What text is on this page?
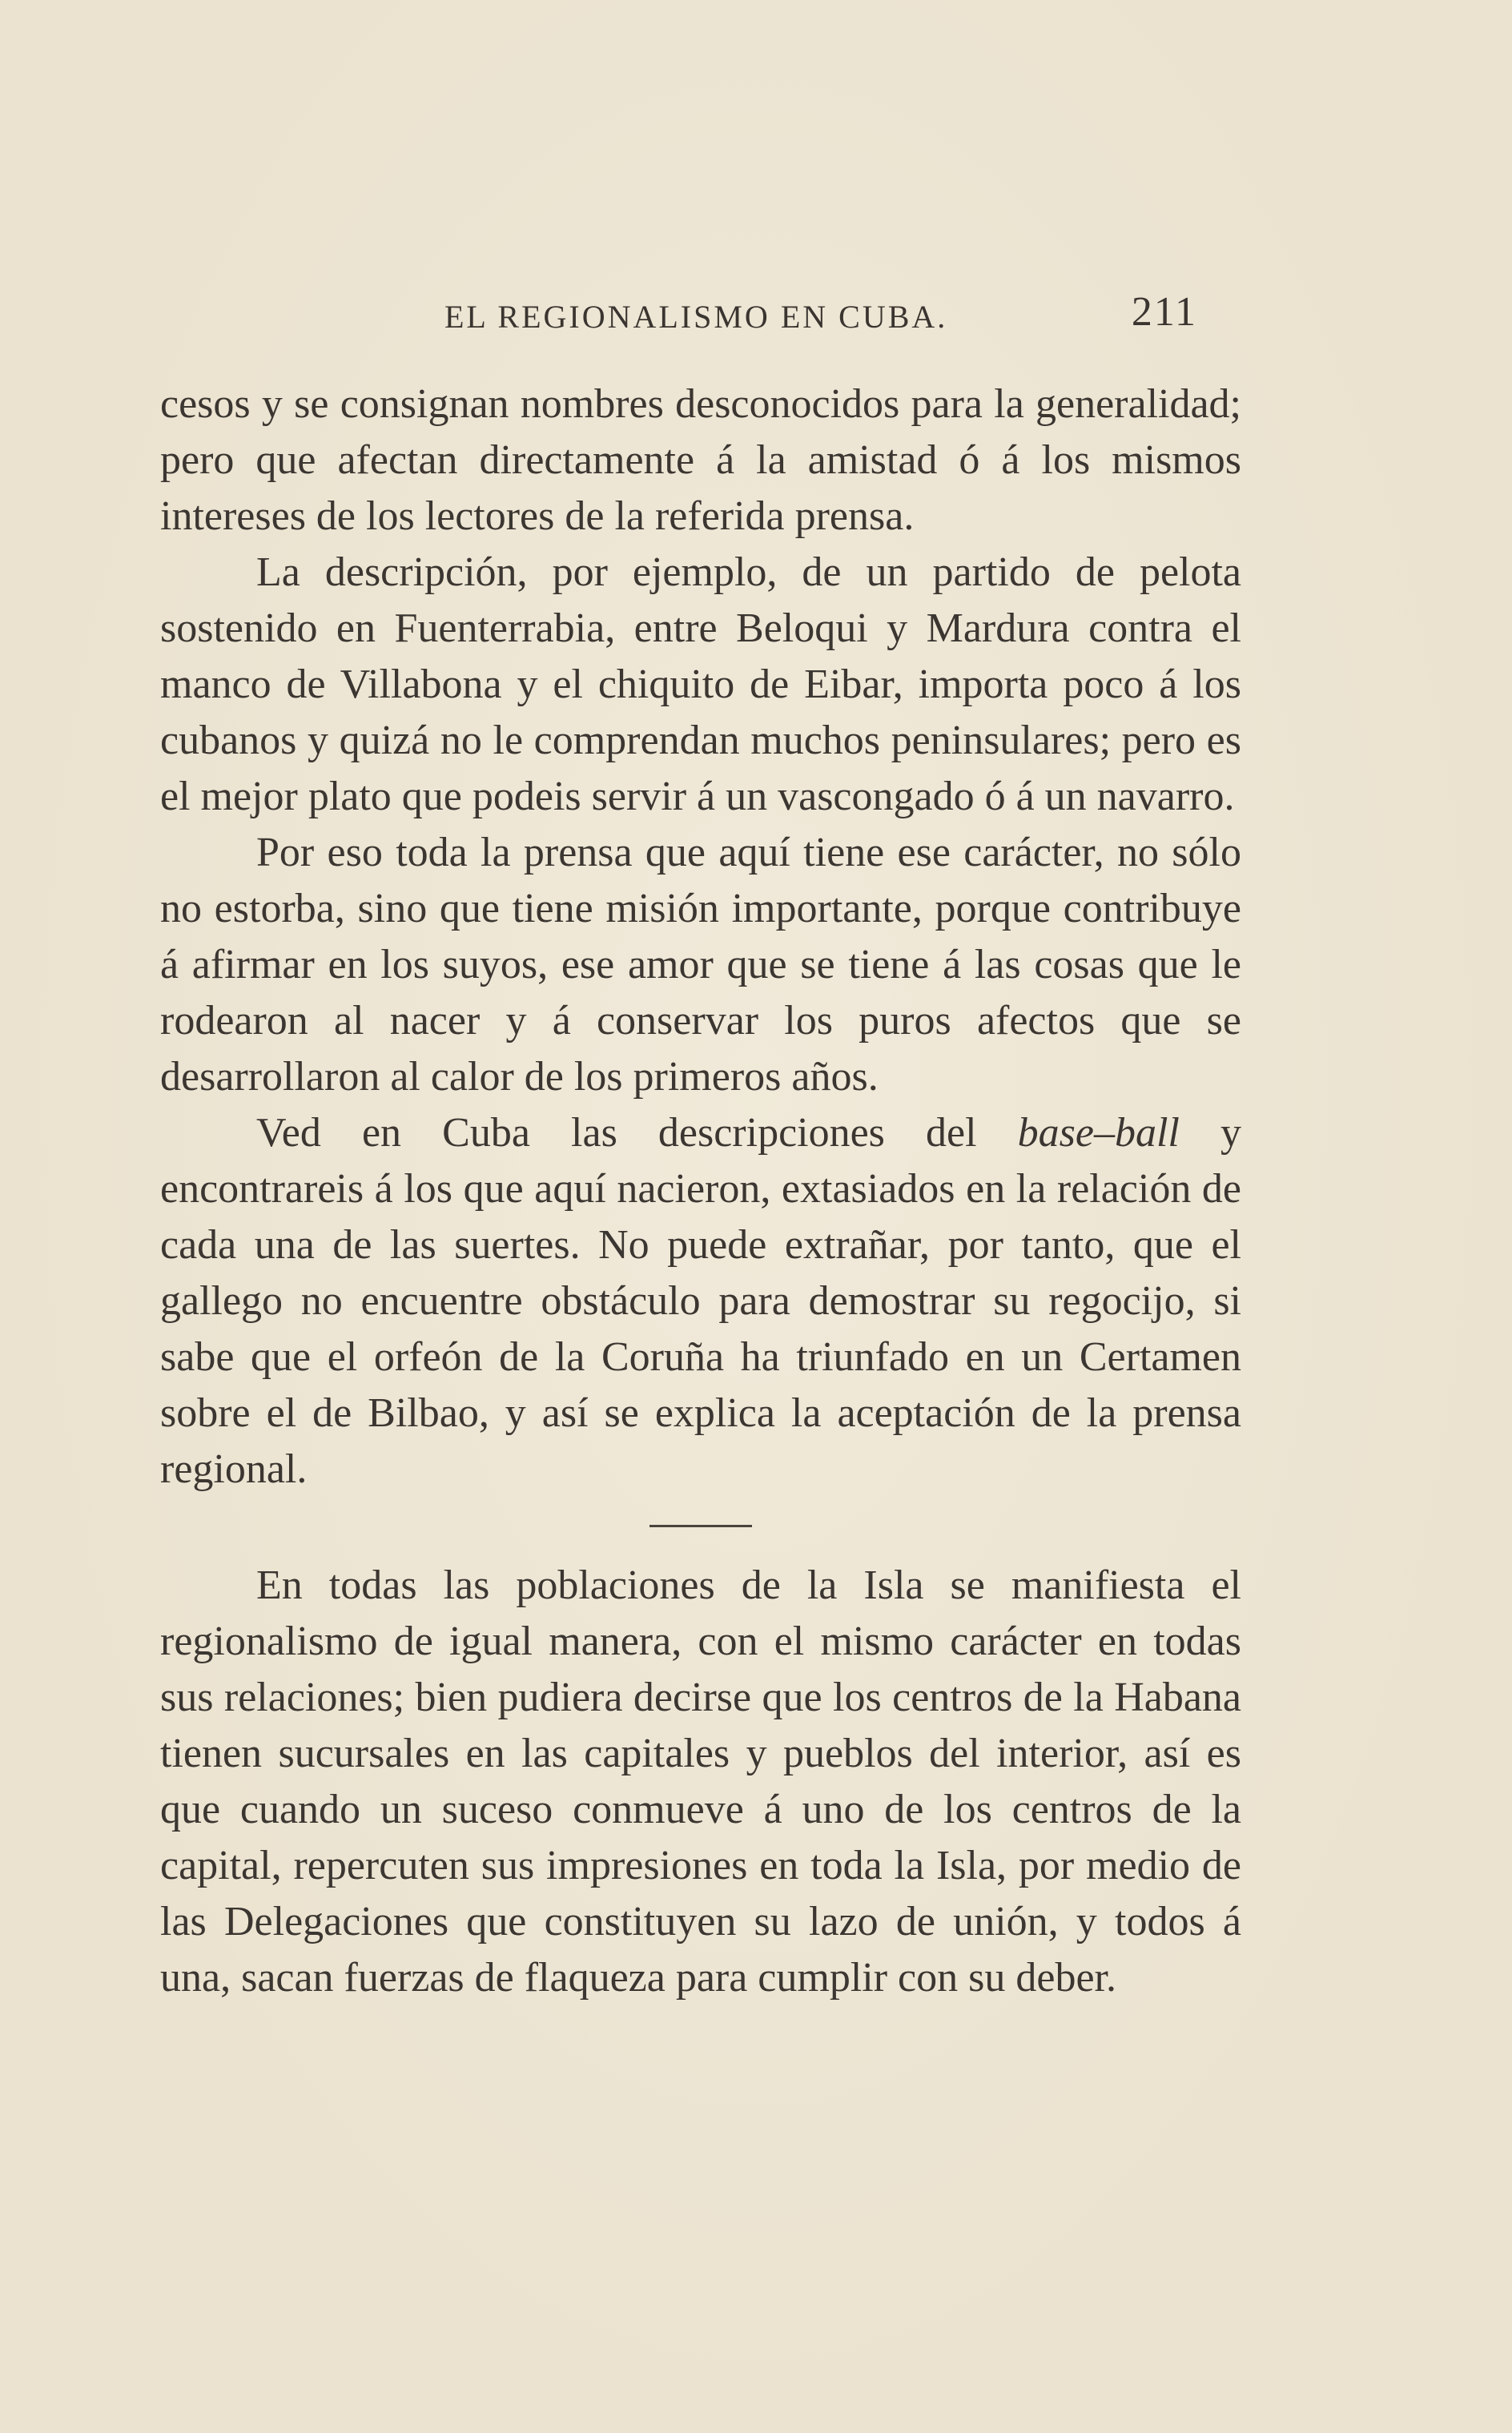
EL REGIONALISMO EN CUBA.	211

cesos y se consignan nombres desconocidos para la generalidad; pero que afectan directamente á la amistad ó á los mismos intereses de los lectores de la referida prensa.

La descripción, por ejemplo, de un partido de pelota sostenido en Fuenterrabia, entre Beloqui y Mardura contra el manco de Villabona y el chiquito de Eibar, importa poco á los cubanos y quizá no le comprendan muchos peninsulares; pero es el mejor plato que podeis servir á un vascongado ó á un navarro.

Por eso toda la prensa que aquí tiene ese carácter, no sólo no estorba, sino que tiene misión importante, porque contribuye á afirmar en los suyos, ese amor que se tiene á las cosas que le rodearon al nacer y á conservar los puros afectos que se desarrollaron al calor de los primeros años.

Ved en Cuba las descripciones del base–ball y encontrareis á los que aquí nacieron, extasiados en la relación de cada una de las suertes. No puede extrañar, por tanto, que el gallego no encuentre obstáculo para demostrar su regocijo, si sabe que el orfeón de la Coruña ha triunfado en un Certamen sobre el de Bilbao, y así se explica la aceptación de la prensa regional.

En todas las poblaciones de la Isla se manifiesta el regionalismo de igual manera, con el mismo carácter en todas sus relaciones; bien pudiera decirse que los centros de la Habana tienen sucursales en las capitales y pueblos del interior, así es que cuando un suceso conmueve á uno de los centros de la capital, repercuten sus impresiones en toda la Isla, por medio de las Delegaciones que constituyen su lazo de unión, y todos á una, sacan fuerzas de flaqueza para cumplir con su deber.
